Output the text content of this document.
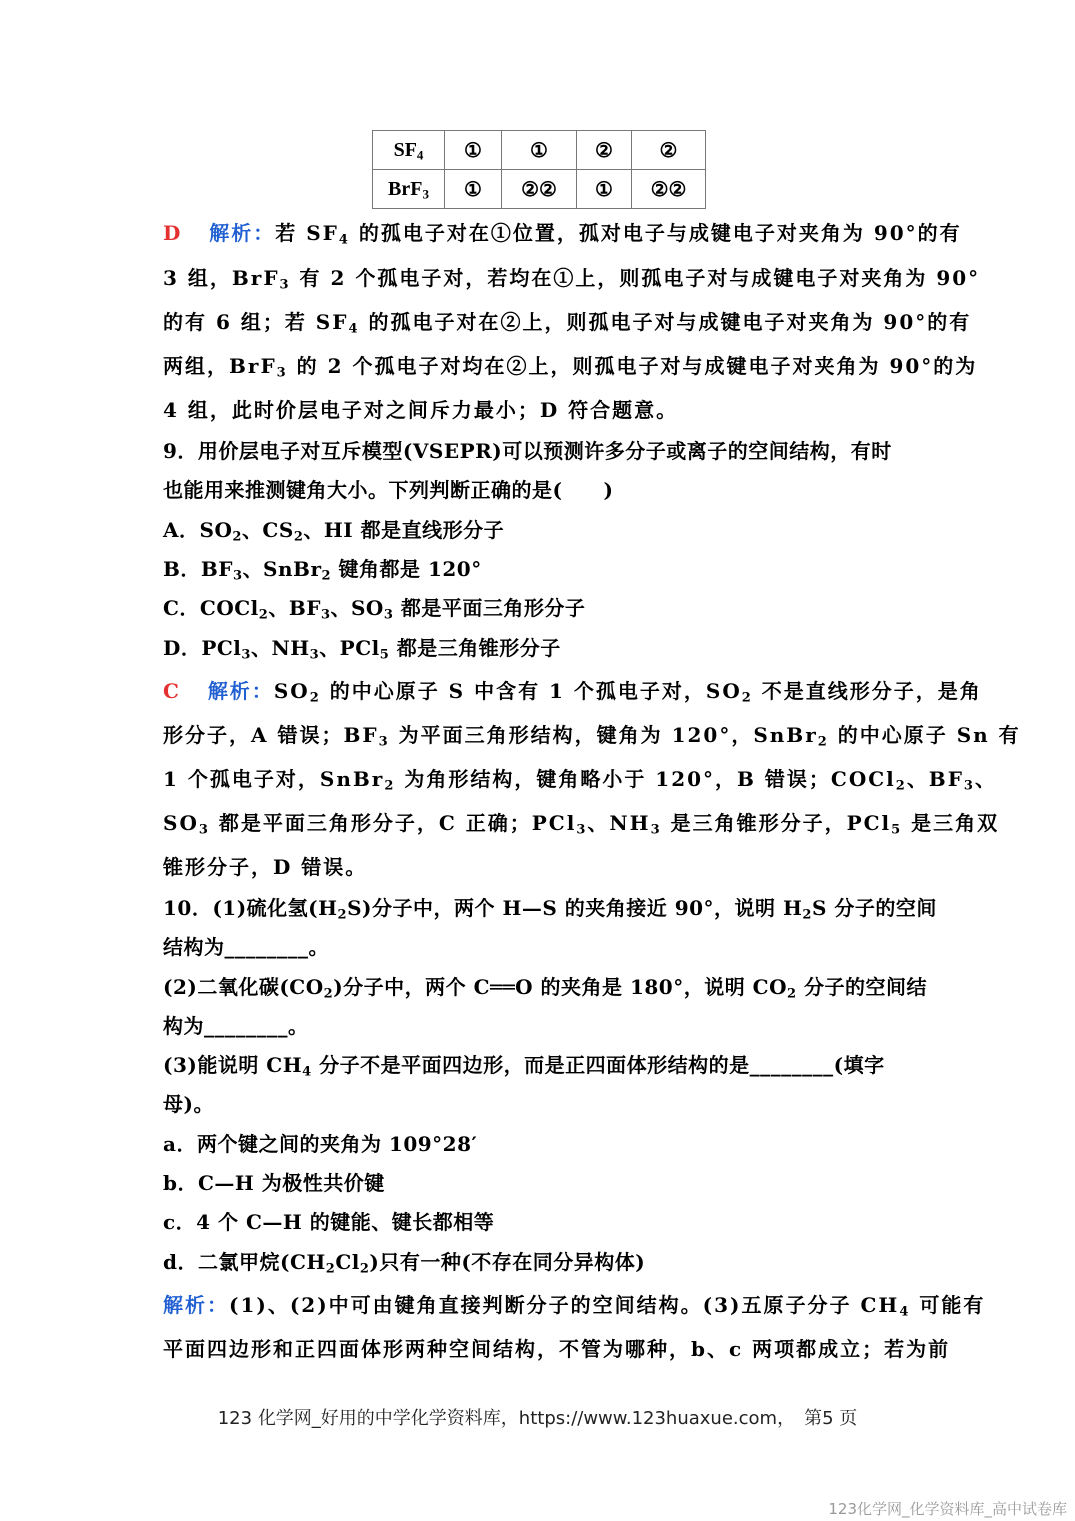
$SF_4$	①	①	②	②
BrF$_3$	①	②②	①	②②
D 解析：若 $SF_4$ 的孤电子对在①位置，孤对电子与成键电子对夹角为 90°的有
3 组，BrF$_3$ 有 2 个孤电子对，若均在①上，则孤电子对与成键电子对夹角为 90°
的有 6 组；若 $SF_4$ 的孤电子对在②上，则孤电子对与成键电子对夹角为 90°的有
两组，BrF$_3$ 的 2 个孤电子对均在②上，则孤电子对与成键电子对夹角为 90°的为
4 组，此时价层电子对之间斥力最小；D 符合题意。
9．用价层电子对互斥模型(VSEPR)可以预测许多分子或离子的空间结构，有时
也能用来推测键角大小。下列判断正确的是(　　)
A．$SO_2$、$CS_2$、HI 都是直线形分子
B．$BF_3$、SnBr$_2$ 键角都是 120°
C．COCl$_2$、$BF_3$、$SO_3$ 都是平面三角形分子
D．PCl$_3$、$NH_3$、PCl$_5$ 都是三角锥形分子
C 解析：$SO_2$ 的中心原子 S 中含有 1 个孤电子对，$SO_2$ 不是直线形分子，是角
形分子，A 错误；$BF_3$ 为平面三角形结构，键角为 120°，SnBr$_2$ 的中心原子 Sn 有
1 个孤电子对，SnBr$_2$ 为角形结构，键角略小于 120°，B 错误；COCl$_2$、$BF_3$、
$SO_3$ 都是平面三角形分子，C 正确；PCl$_3$、$NH_3$ 是三角锥形分子，PCl$_5$ 是三角双
锥形分子，D 错误。
10．(1)硫化氢$(H_2S)$分子中，两个 H—S 的夹角接近 90°，说明 $H_2S$ 分子的空间
结构为________。
(2)二氧化碳$(CO_2)$分子中，两个 C══O 的夹角是 180°，说明 $CO_2$ 分子的空间结
构为________。
(3)能说明 $CH_4$ 分子不是平面四边形，而是正四面体形结构的是________(填字
母)。
a．两个键之间的夹角为 109°28′
b．C—H 为极性共价键
c．4 个 C—H 的键能、键长都相等
d．二氯甲烷$(CH_2Cl_2)$只有一种(不存在同分异构体)
解析：(1)、(2)中可由键角直接判断分子的空间结构。(3)五原子分子 $CH_4$ 可能有
平面四边形和正四面体形两种空间结构，不管为哪种，b、c 两项都成立；若为前
123 化学网_好用的中学化学资料库，https://www.123huaxue.com，　第5 页
123化学网_化学资料库_高中试卷库
